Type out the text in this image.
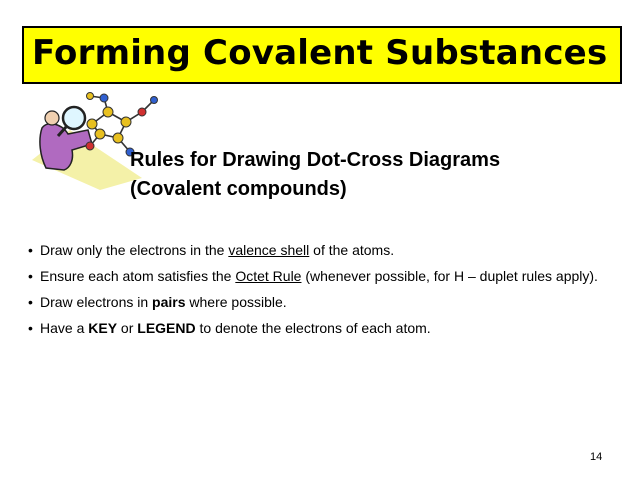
Forming Covalent Substances
Rules for Drawing Dot-Cross Diagrams
(Covalent compounds)
• Draw only the electrons in the valence shell of the atoms.
• Ensure each atom satisfies the Octet Rule (whenever possible, for H – duplet rules apply).
• Draw electrons in pairs where possible.
• Have a KEY or LEGEND to denote the electrons of each atom.
14
